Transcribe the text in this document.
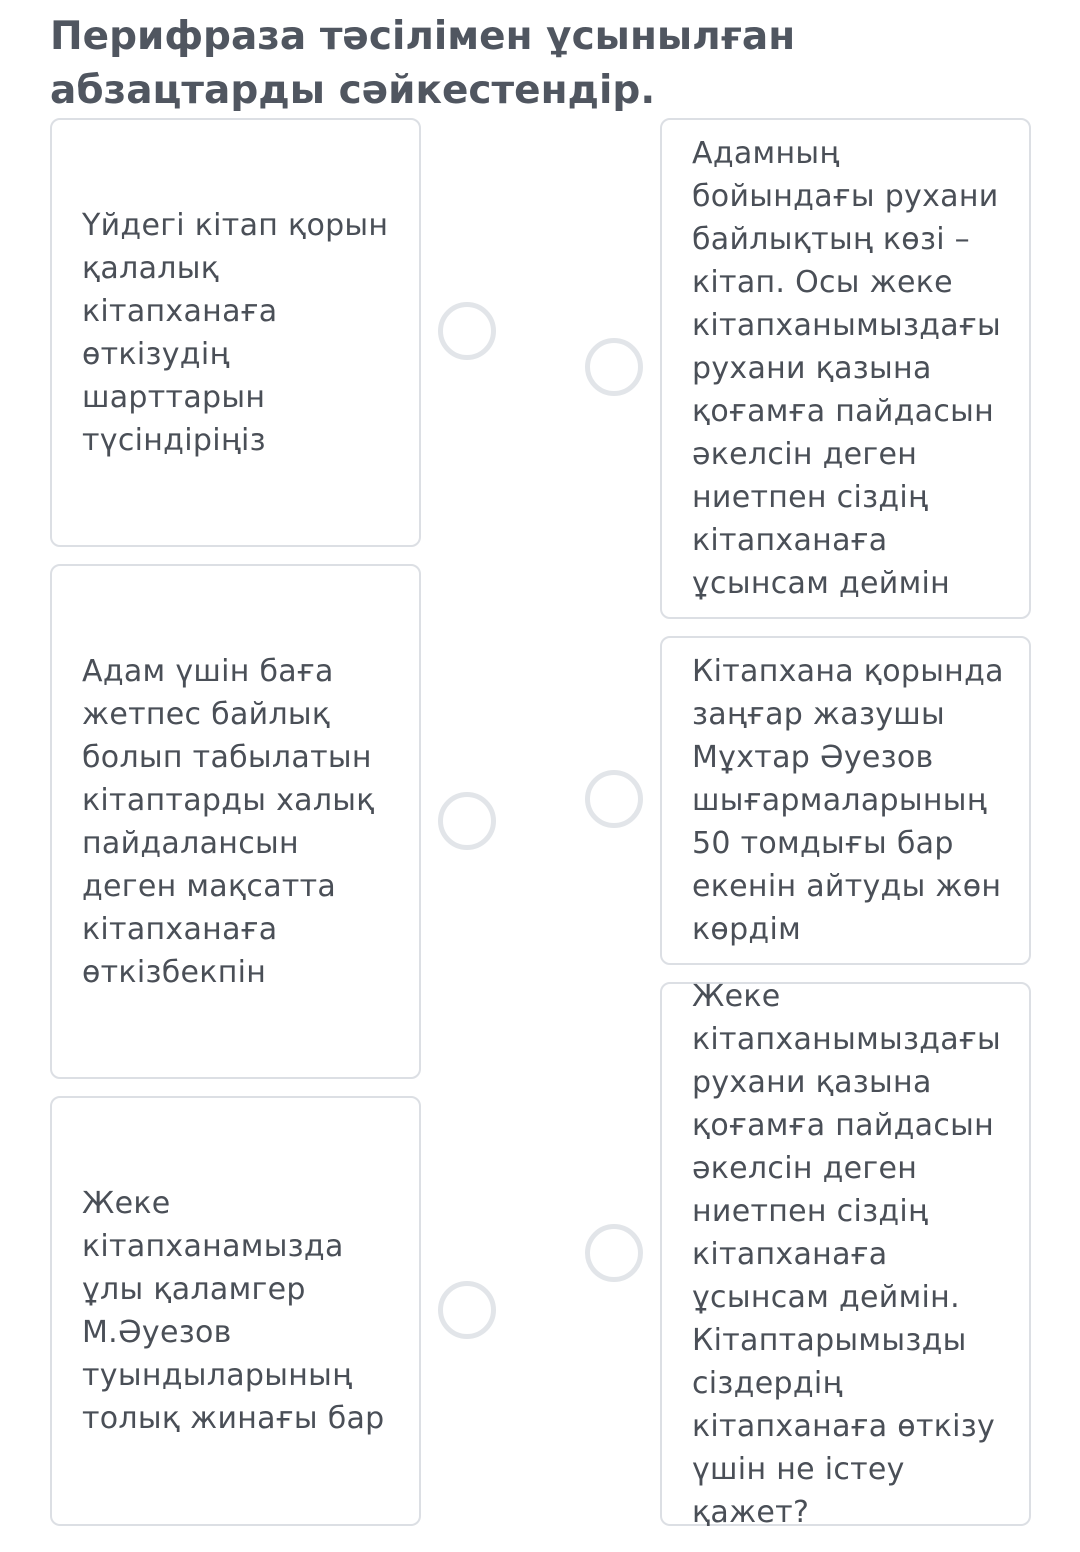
Перифраза тәсілімен ұсынылған абзацтарды сәйкестендір.
Үйдегі кітап қорын қалалық кітапханаға өткізудің шарттарын түсіндіріңіз
Адам үшін баға жетпес байлық болып табылатын кітаптарды халық пайдалансын деген мақсатта кітапханаға өткізбекпін
Жеке кітапханамызда ұлы қаламгер М.Әуезов туындыларының толық жинағы бар
Адамның бойындағы рухани байлықтың көзі – кітап. Осы жеке кітапханымыздағы рухани қазына қоғамға пайдасын әкелсін деген ниетпен сіздің кітапханаға ұсынсам деймін
Кітапхана қорында заңғар жазушы Мұхтар Әуезов шығармаларының 50 томдығы бар екенін айтуды жөн көрдім
Жеке кітапханымыздағы рухани қазына қоғамға пайдасын әкелсін деген ниетпен сіздің кітапханаға ұсынсам деймін. Кітаптарымызды сіздердің кітапханаға өткізу үшін не істеу қажет?
